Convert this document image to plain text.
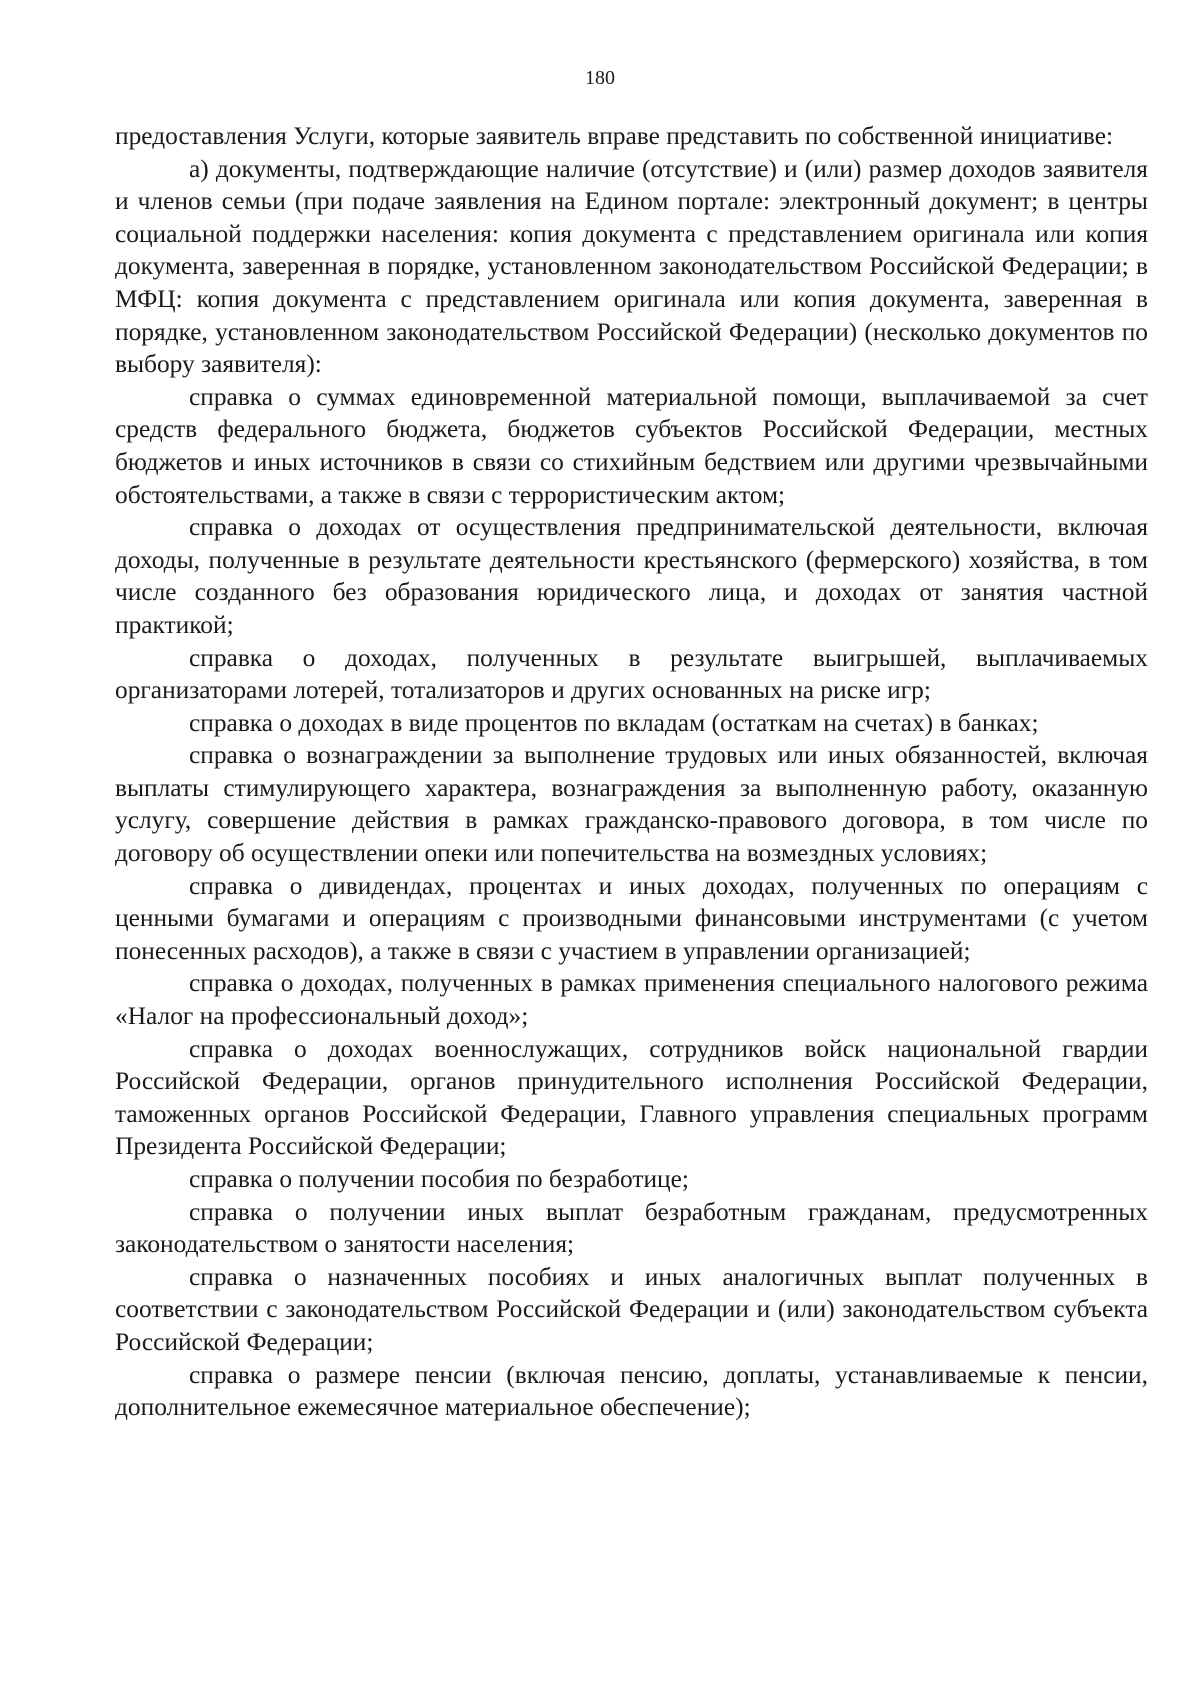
180

предоставления Услуги, которые заявитель вправе представить по собственной инициативе:

а) документы, подтверждающие наличие (отсутствие) и (или) размер доходов заявителя и членов семьи (при подаче заявления на Едином портале: электронный документ; в центры социальной поддержки населения: копия документа с представлением оригинала или копия документа, заверенная в порядке, установленном законодательством Российской Федерации; в МФЦ: копия документа с представлением оригинала или копия документа, заверенная в порядке, установленном законодательством Российской Федерации) (несколько документов по выбору заявителя):

справка о суммах единовременной материальной помощи, выплачиваемой за счет средств федерального бюджета, бюджетов субъектов Российской Федерации, местных бюджетов и иных источников в связи со стихийным бедствием или другими чрезвычайными обстоятельствами, а также в связи с террористическим актом;

справка о доходах от осуществления предпринимательской деятельности, включая доходы, полученные в результате деятельности крестьянского (фермерского) хозяйства, в том числе созданного без образования юридического лица, и доходах от занятия частной практикой;

справка о доходах, полученных в результате выигрышей, выплачиваемых организаторами лотерей, тотализаторов и других основанных на риске игр;

справка о доходах в виде процентов по вкладам (остаткам на счетах) в банках;

справка о вознаграждении за выполнение трудовых или иных обязанностей, включая выплаты стимулирующего характера, вознаграждения за выполненную работу, оказанную услугу, совершение действия в рамках гражданско-правового договора, в том числе по договору об осуществлении опеки или попечительства на возмездных условиях;

справка о дивидендах, процентах и иных доходах, полученных по операциям с ценными бумагами и операциям с производными финансовыми инструментами (с учетом понесенных расходов), а также в связи с участием в управлении организацией;

справка о доходах, полученных в рамках применения специального налогового режима «Налог на профессиональный доход»;

справка о доходах военнослужащих, сотрудников войск национальной гвардии Российской Федерации, органов принудительного исполнения Российской Федерации, таможенных органов Российской Федерации, Главного управления специальных программ Президента Российской Федерации;

справка о получении пособия по безработице;

справка о получении иных выплат безработным гражданам, предусмотренных законодательством о занятости населения;

справка о назначенных пособиях и иных аналогичных выплат полученных в соответствии с законодательством Российской Федерации и (или) законодательством субъекта Российской Федерации;

справка о размере пенсии (включая пенсию, доплаты, устанавливаемые к пенсии, дополнительное ежемесячное материальное обеспечение);
